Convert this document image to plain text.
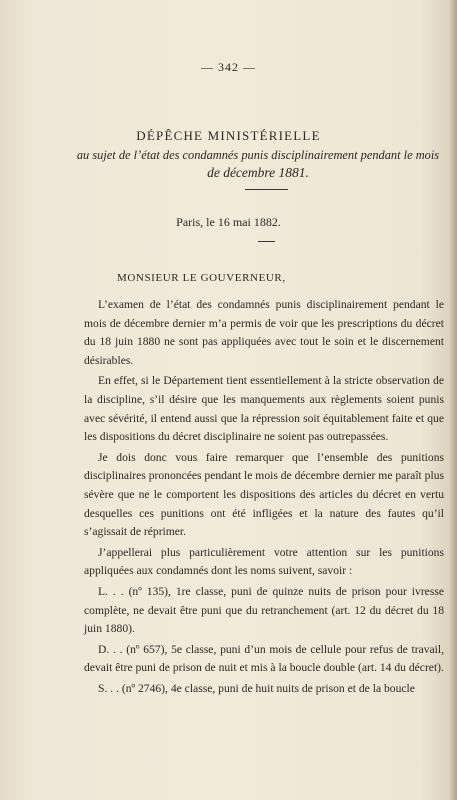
— 342 —
DÉPÊCHE MINISTÉRIELLE
au sujet de l’état des condamnés punis disciplinairement pendant le mois
de décembre 1881.
Paris, le 16 mai 1882.
MONSIEUR LE GOUVERNEUR,

L’examen de l’état des condamnés punis disciplinairement pendant le mois de décembre dernier m’a permis de voir que les prescriptions du décret du 18 juin 1880 ne sont pas appliquées avec tout le soin et le discernement désirables.

En effet, si le Département tient essentiellement à la stricte observation de la discipline, s’il désire que les manquements aux règlements soient punis avec sévérité, il entend aussi que la répression soit équitablement faite et que les dispositions du décret disciplinaire ne soient pas outrepassées.

Je dois donc vous faire remarquer que l’ensemble des punitions disciplinaires prononcées pendant le mois de décembre dernier me paraît plus sévère que ne le comportent les dispositions des articles du décret en vertu desquelles ces punitions ont été infligées et la nature des fautes qu’il s’agissait de réprimer.

J’appellerai plus particulièrement votre attention sur les punitions appliquées aux condamnés dont les noms suivent, savoir :

L. . . (nº 135), 1re classe, puni de quinze nuits de prison pour ivresse complète, ne devait être puni que du retranchement (art. 12 du décret du 18 juin 1880).

D. . . (nº 657), 5e classe, puni d’un mois de cellule pour refus de travail, devait être puni de prison de nuit et mis à la boucle double (art. 14 du décret).

S. . . (nº 2746), 4e classe, puni de huit nuits de prison et de la boucle
